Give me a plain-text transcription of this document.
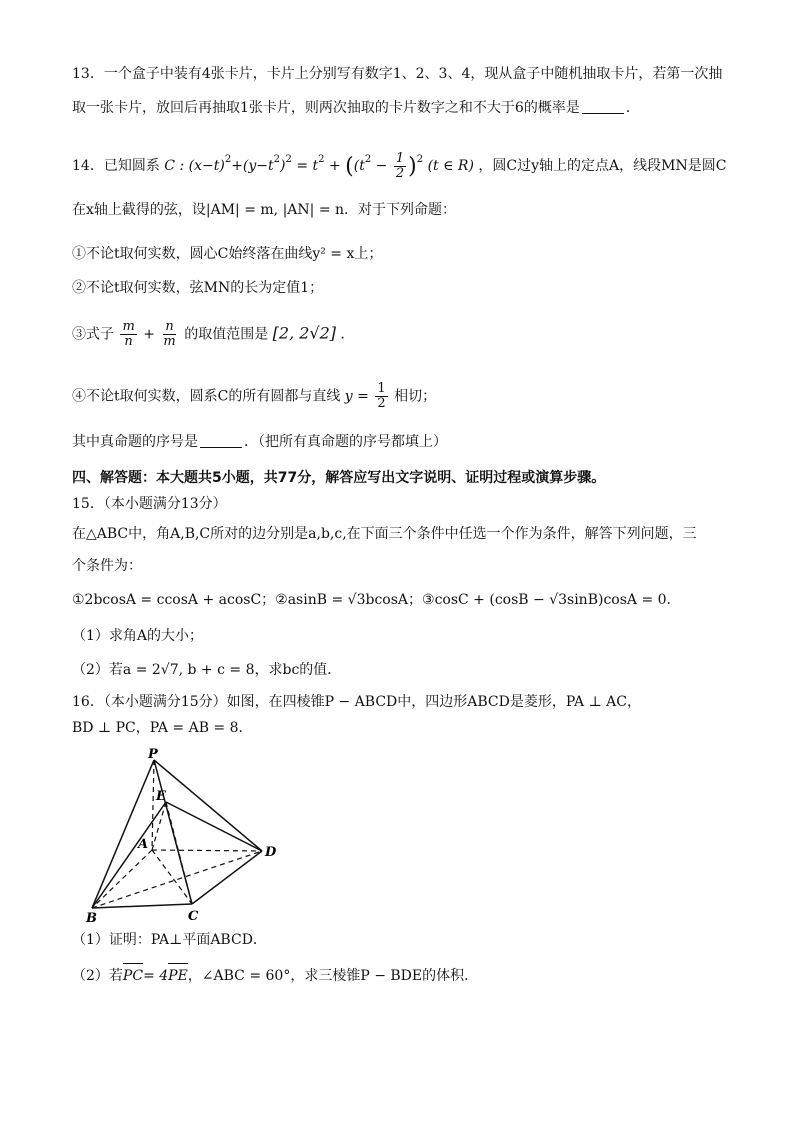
13．一个盒子中装有4张卡片，卡片上分别写有数字1、2、3、4，现从盒子中随机抽取卡片，若第一次抽
取一张卡片，放回后再抽取1张卡片，则两次抽取的卡片数字之和不大于6的概率是	．
14．已知圆系 C : $(x-t)^2+(y-t^2)^2 = t^2 + ((t^2 - \frac{1}{2} )^2$ (t ∈ R) ，圆C过y轴上的定点A，线段MN是圆C
在x轴上截得的弦，设|AM| = m, |AN| = n．对于下列命题：
①不论t取何实数，圆心C始终落在曲线y² = x上；
②不论t取何实数，弦MN的长为定值1；
③式子 $\frac{m}{n} + \frac{n}{m}$ 的取值范围是 [2, 2√2] ．
④不论t取何实数，圆系C的所有圆都与直线 $y = \frac{1}{2}$ 相切；
其中真命题的序号是	．（把所有真命题的序号都填上）
四、解答题：本大题共5小题，共77分，解答应写出文字说明、证明过程或演算步骤。
15．（本小题满分13分）
在△ABC中，角A,B,C所对的边分别是a,b,c,在下面三个条件中任选一个作为条件，解答下列问题，三
个条件为：
①2bcosA = ccosA + acosC；②asinB = √3bcosA；③cosC + (cosB − √3sinB)cosA = 0．
（1）求角A的大小；
（2）若a = 2√7, b + c = 8，求bc的值．
16．（本小题满分15分）如图，在四棱锥P − ABCD中，四边形ABCD是菱形，PA ⊥ AC，
BD ⊥ PC，PA = AB = 8．
P
E
A
D
B	C
（1）证明：PA⊥平面ABCD．
（2）若PC= 4PE，∠ABC = 60°，求三棱锥P − BDE的体积．
